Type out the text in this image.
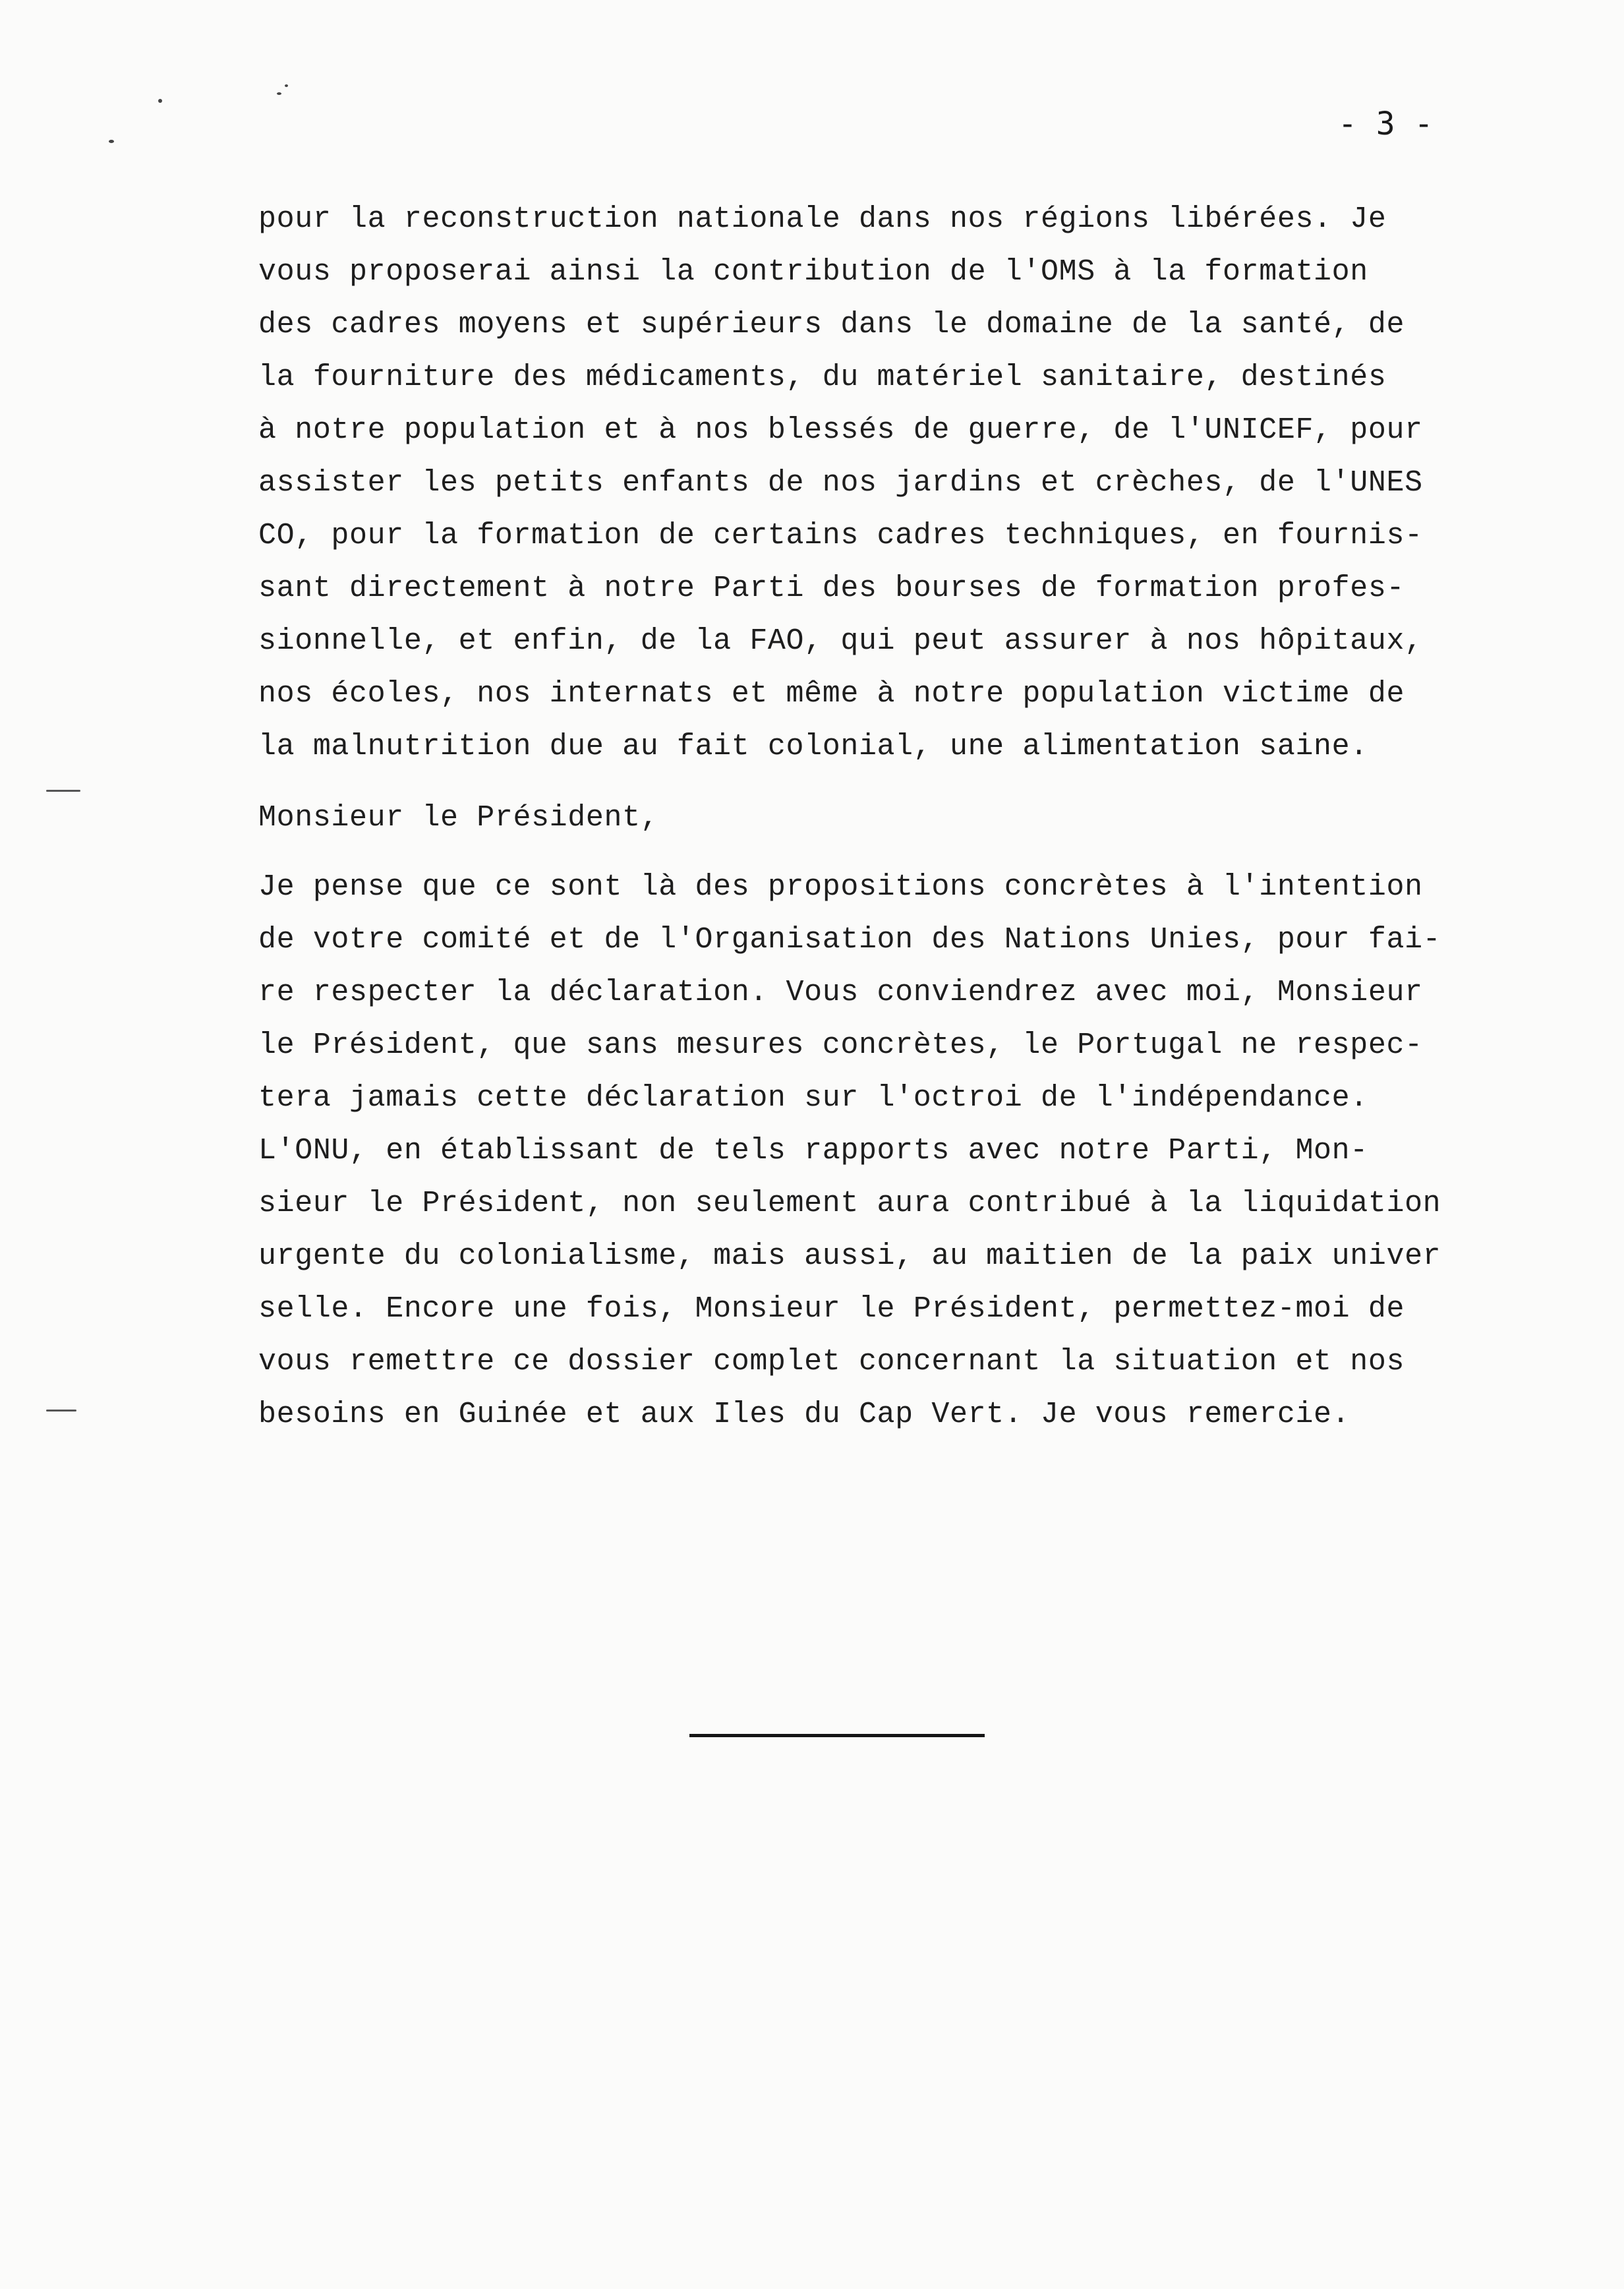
- 3 -
pour la reconstruction nationale dans nos régions libérées. Je
vous proposerai ainsi la contribution de l'OMS à la formation
des cadres moyens et supérieurs dans le domaine de la santé, de
la fourniture des médicaments, du matériel sanitaire, destinés
à notre population et à nos blessés de guerre, de l'UNICEF, pour
assister les petits enfants de nos jardins et crèches, de l'UNES
CO, pour la formation de certains cadres techniques, en fournis-
sant directement à notre Parti des bourses de formation profes-
sionnelle, et enfin, de la FAO, qui peut assurer à nos hôpitaux,
nos écoles, nos internats et même à notre population victime de
la malnutrition due au fait colonial, une alimentation saine.
Monsieur le Président,
Je pense que ce sont là des propositions concrètes à l'intention
de votre comité et de l'Organisation des Nations Unies, pour fai-
re respecter la déclaration. Vous conviendrez avec moi, Monsieur
le Président, que sans mesures concrètes, le Portugal ne respec-
tera jamais cette déclaration sur l'octroi de l'indépendance.
L'ONU, en établissant de tels rapports avec notre Parti, Mon-
sieur le Président, non seulement aura contribué à la liquidation
urgente du colonialisme, mais aussi, au maitien de la paix univer
selle. Encore une fois, Monsieur le Président, permettez-moi de
vous remettre ce dossier complet concernant la situation et nos
besoins en Guinée et aux Iles du Cap Vert. Je vous remercie.
